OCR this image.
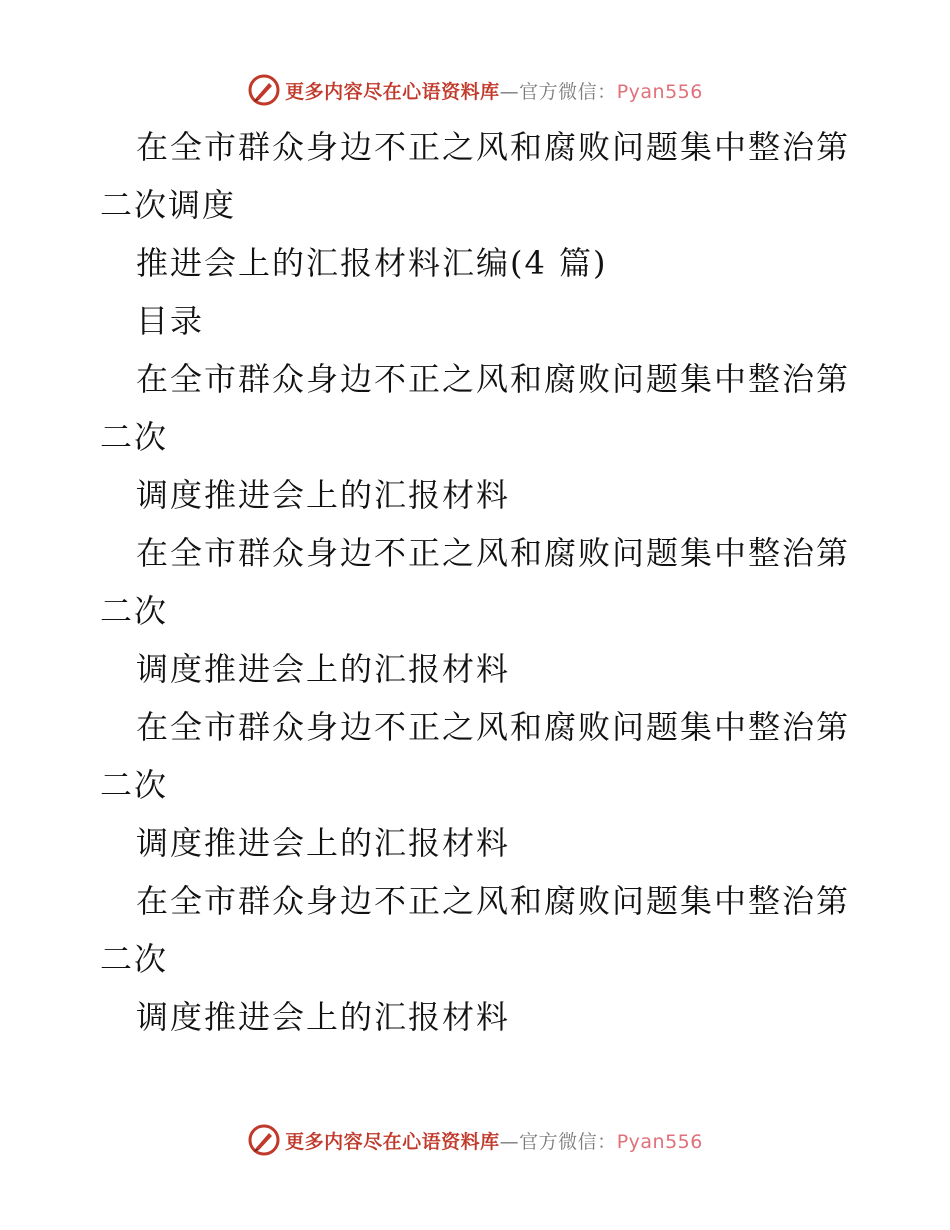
更多内容尽在心语资料库—官方微信：Pyan556
在全市群众身边不正之风和腐败问题集中整治第
二次调度
推进会上的汇报材料汇编(4 篇)
目录
在全市群众身边不正之风和腐败问题集中整治第
二次
调度推进会上的汇报材料
在全市群众身边不正之风和腐败问题集中整治第
二次
调度推进会上的汇报材料
在全市群众身边不正之风和腐败问题集中整治第
二次
调度推进会上的汇报材料
在全市群众身边不正之风和腐败问题集中整治第
二次
调度推进会上的汇报材料
更多内容尽在心语资料库—官方微信：Pyan556
